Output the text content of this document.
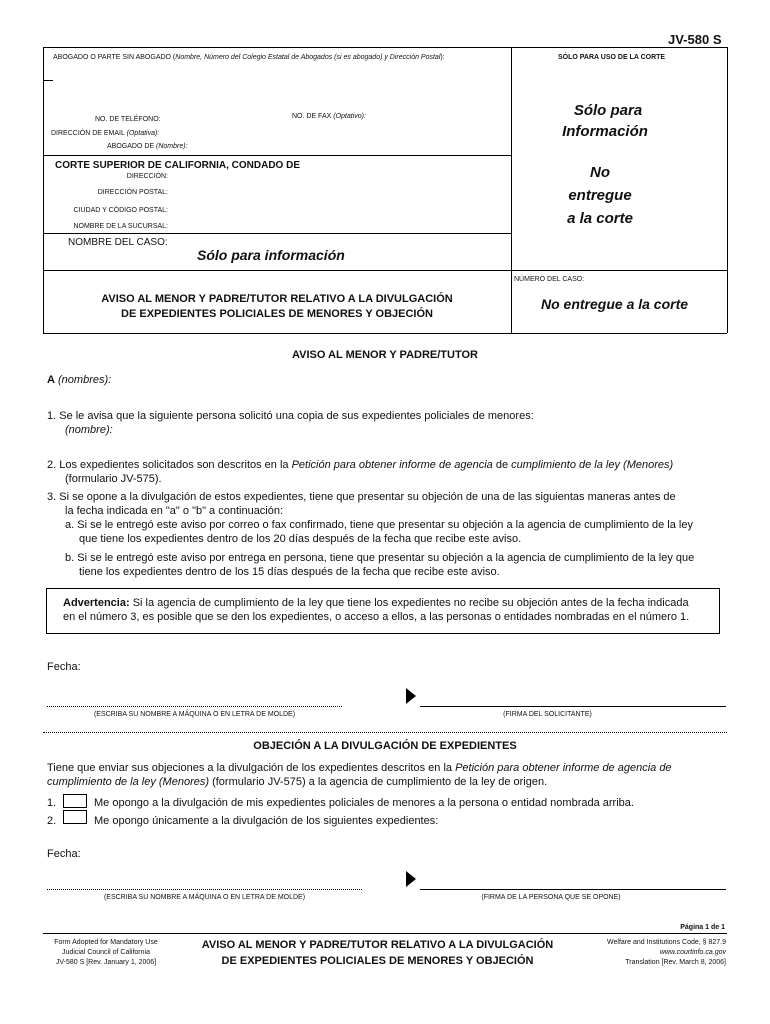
JV-580 S
ABOGADO O PARTE SIN ABOGADO (Nombre, Número del Colegio Estatal de Abogados (si es abogado) y Dirección Postal):	SÓLO PARA USO DE LA CORTE
NO. DE TELÉFONO:	NO. DE FAX (Optativo):
DIRECCIÓN DE EMAIL (Optativa):
ABOGADO DE (Nombre):
Sólo para
Información
No
entregue
a la corte
CORTE SUPERIOR DE CALIFORNIA, CONDADO DE
DIRECCIÓN:
DIRECCIÓN POSTAL:
CIUDAD Y CÓDIGO POSTAL:
NOMBRE DE LA SUCURSAL:
NOMBRE DEL CASO:
Sólo para información
NÚMERO DEL CASO:
No entregue a la corte
AVISO AL MENOR Y PADRE/TUTOR RELATIVO A LA DIVULGACIÓN
DE EXPEDIENTES POLICIALES DE MENORES Y OBJECIÓN
AVISO AL MENOR Y PADRE/TUTOR
A (nombres):
1. Se le avisa que la siguiente persona solicitó una copia de sus expedientes policiales de menores:
(nombre):
2. Los expedientes solicitados son descritos en la Petición para obtener informe de agencia de cumplimiento de la ley (Menores)
(formulario JV-575).
3. Si se opone a la divulgación de estos expedientes, tiene que presentar su objeción de una de las siguientas maneras antes de
la fecha indicada en "a" o "b" a continuación:
a. Si se le entregó este aviso por correo o fax confirmado, tiene que presentar su objeción a la agencia de cumplimiento de la ley
que tiene los expedientes dentro de los 20 días después de la fecha que recibe este aviso.
b. Si se le entregó este aviso por entrega en persona, tiene que presentar su objeción a la agencia de cumplimiento de la ley que
tiene los expedientes dentro de los 15 días después de la fecha que recibe este aviso.
Advertencia: Si la agencia de cumplimiento de la ley que tiene los expedientes no recibe su objeción antes de la fecha indicada
en el número 3, es posible que se den los expedientes, o acceso a ellos, a las personas o entidades nombradas en el número 1.
Fecha:
(ESCRIBA SU NOMBRE A MÁQUINA O EN LETRA DE MOLDE)	(FIRMA DEL SOLICITANTE)
OBJECIÓN A LA DIVULGACIÓN DE EXPEDIENTES
Tiene que enviar sus objeciones a la divulgación de los expedientes descritos en la Petición para obtener informe de agencia de
cumplimiento de la ley (Menores) (formulario JV-575) a la agencia de cumplimiento de la ley de origen.
1.	Me opongo a la divulgación de mis expedientes policiales de menores a la persona o entidad nombrada arriba.
2.	Me opongo únicamente a la divulgación de los siguientes expedientes:
Fecha:
(ESCRIBA SU NOMBRE A MÁQUINA O EN LETRA DE MOLDE)	(FIRMA DE LA PERSONA QUE SE OPONE)
Página 1 de 1
Form Adopted for Mandatory Use
Judicial Council of California
JV-580 S [Rev. January 1, 2006]
AVISO AL MENOR Y PADRE/TUTOR RELATIVO A LA DIVULGACIÓN
DE EXPEDIENTES POLICIALES DE MENORES Y OBJECIÓN
Welfare and Institutions Code, § 827.9
www.courtinfo.ca.gov
Translation [Rev. March 8, 2006]
